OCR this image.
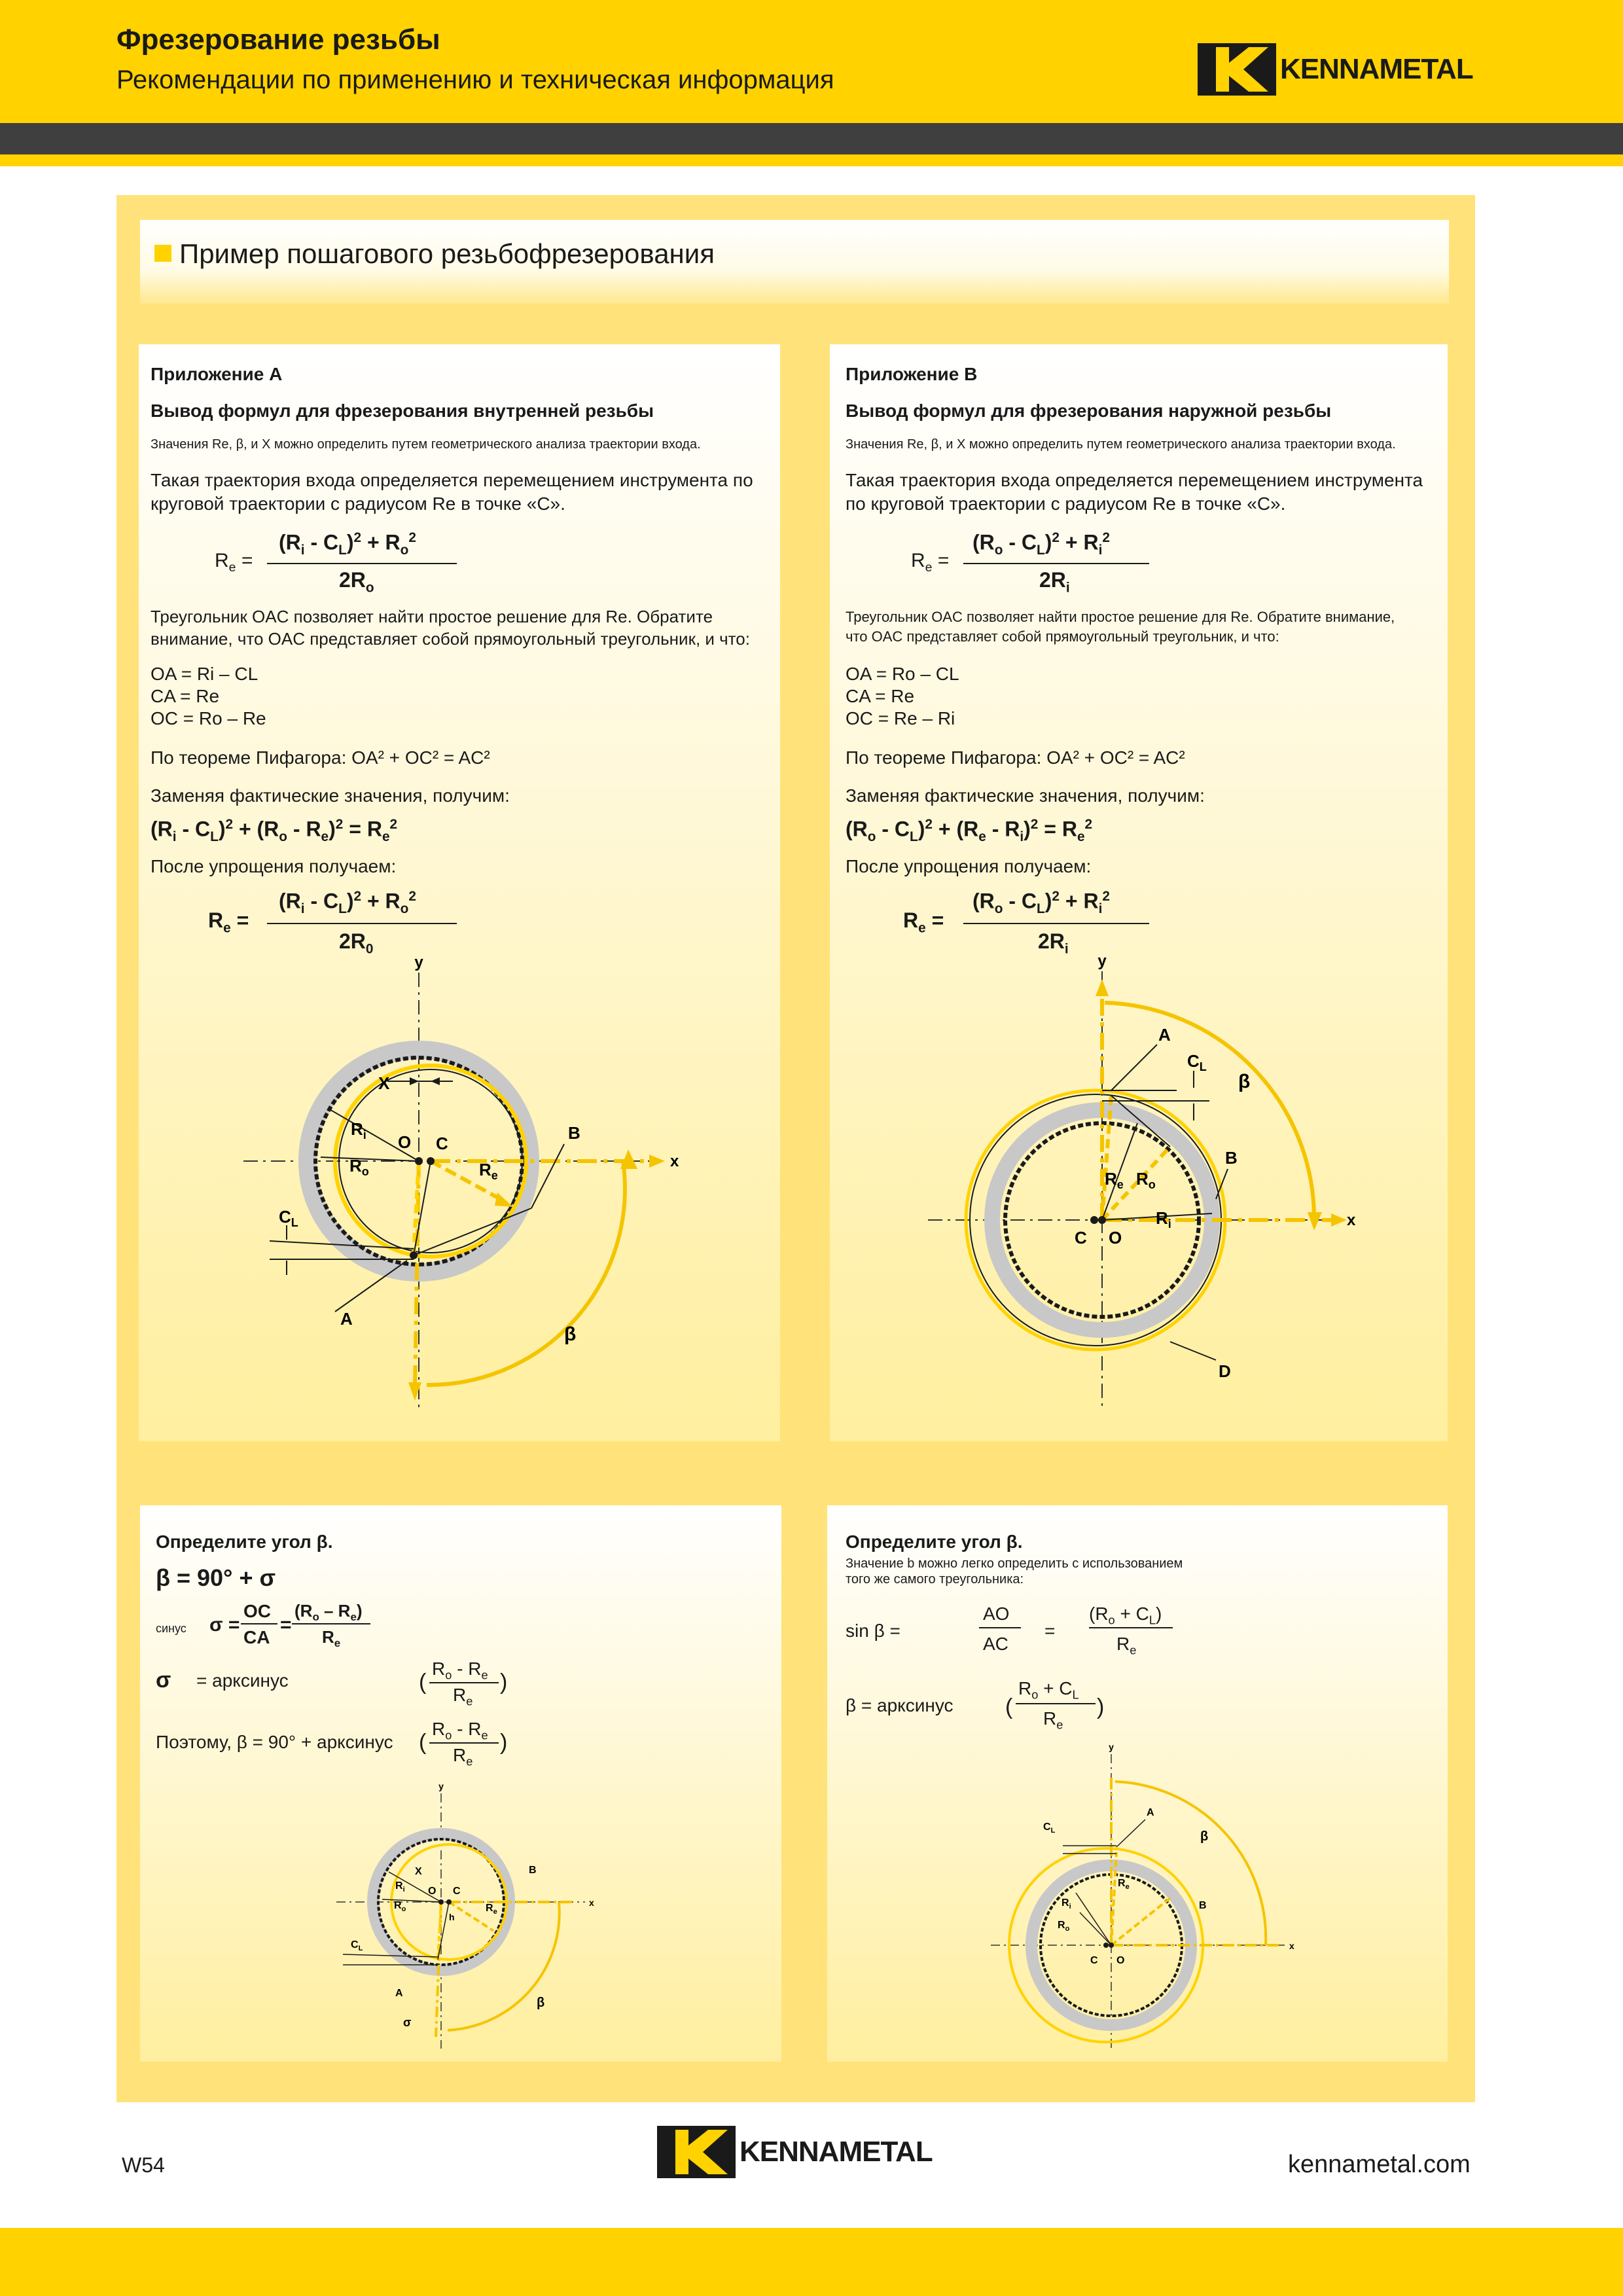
Фрезерование резьбы
Рекомендации по применению и техническая информация	KENNAMETAL
Пример пошагового резьбофрезерования
Приложение А
Вывод формул для фрезерования внутренней резьбы
Значения Re, β, и X можно определить путем геометрического анализа траектории входа.
Такая траектория входа определяется перемещением инструмента по
круговой траектории с радиусом Re в точке «C».
$R_e$ =
$(R_i - C_L)^2 + R_o^2$
$2R_o$
Треугольник OAC позволяет найти простое решение для Re. Обратите
внимание, что OAC представляет собой прямоугольный треугольник, и что:
OA = Ri – CL
CA = Re
OC = Ro – Re
По теореме Пифагора: OA² + OC² = AC²
Заменяя фактические значения, получим:
$(R_i - C_L)^2 + (R_o - R_e)^2 = R_e^2$
После упрощения получаем:
$R_e$ =
$(R_i - C_L)^2 + R_o^2$
$2R_0$
y
x
X
$R_i$
$R_o$
O C
$R_e$
B
$C_L$
A
β
Приложение B
Вывод формул для фрезерования наружной резьбы
Значения Re, β, и X можно определить путем геометрического анализа траектории входа.
Такая траектория входа определяется перемещением инструмента
по круговой траектории с радиусом Re в точке «C».
$R_e$ =
$(R_o - C_L)^2 + R_i^2$
$2R_i$
Треугольник OAC позволяет найти простое решение для Re. Обратите внимание,
что OAC представляет собой прямоугольный треугольник, и что:
OA = Ro – CL
CA = Re
OC = Re – Ri
По теореме Пифагора: OA² + OC² = AC²
Заменяя фактические значения, получим:
$(R_o - C_L)^2 + (R_e - R_i)^2 = R_e^2$
После упрощения получаем:
$R_e$ =
$(R_o - C_L)^2 + R_i^2$
$2R_i$
y
x
A
$C_L$
β
$R_e$ $R_o$
$R_i$
B
C O
D
Определите угол β.
β = 90° + σ
синус σ =
OC
CA
=
$(R_o - R_e)$
$R_e$
σ = арксинус	(
$R_o - R_e$
$R_e$
)
Поэтому, β = 90° + арксинус (
$R_o - R_e$
$R_e$
)
y
x
X
$R_i$
$R_o$
O C
h
$R_e$
B
$C_L$
A
σ
β
Определите угол β.
Значение b можно легко определить с использованием
того же самого треугольника:
sin β =
AO
AC
=
$(R_o + C_L)$
$R_e$
β = арксинус (
$R_o + C_L$
$R_e$
)
y
x
A
$C_L$	β
$R_e$
$R_i$
$R_o$
B
C O
W54	KENNAMETAL	kennametal.com
